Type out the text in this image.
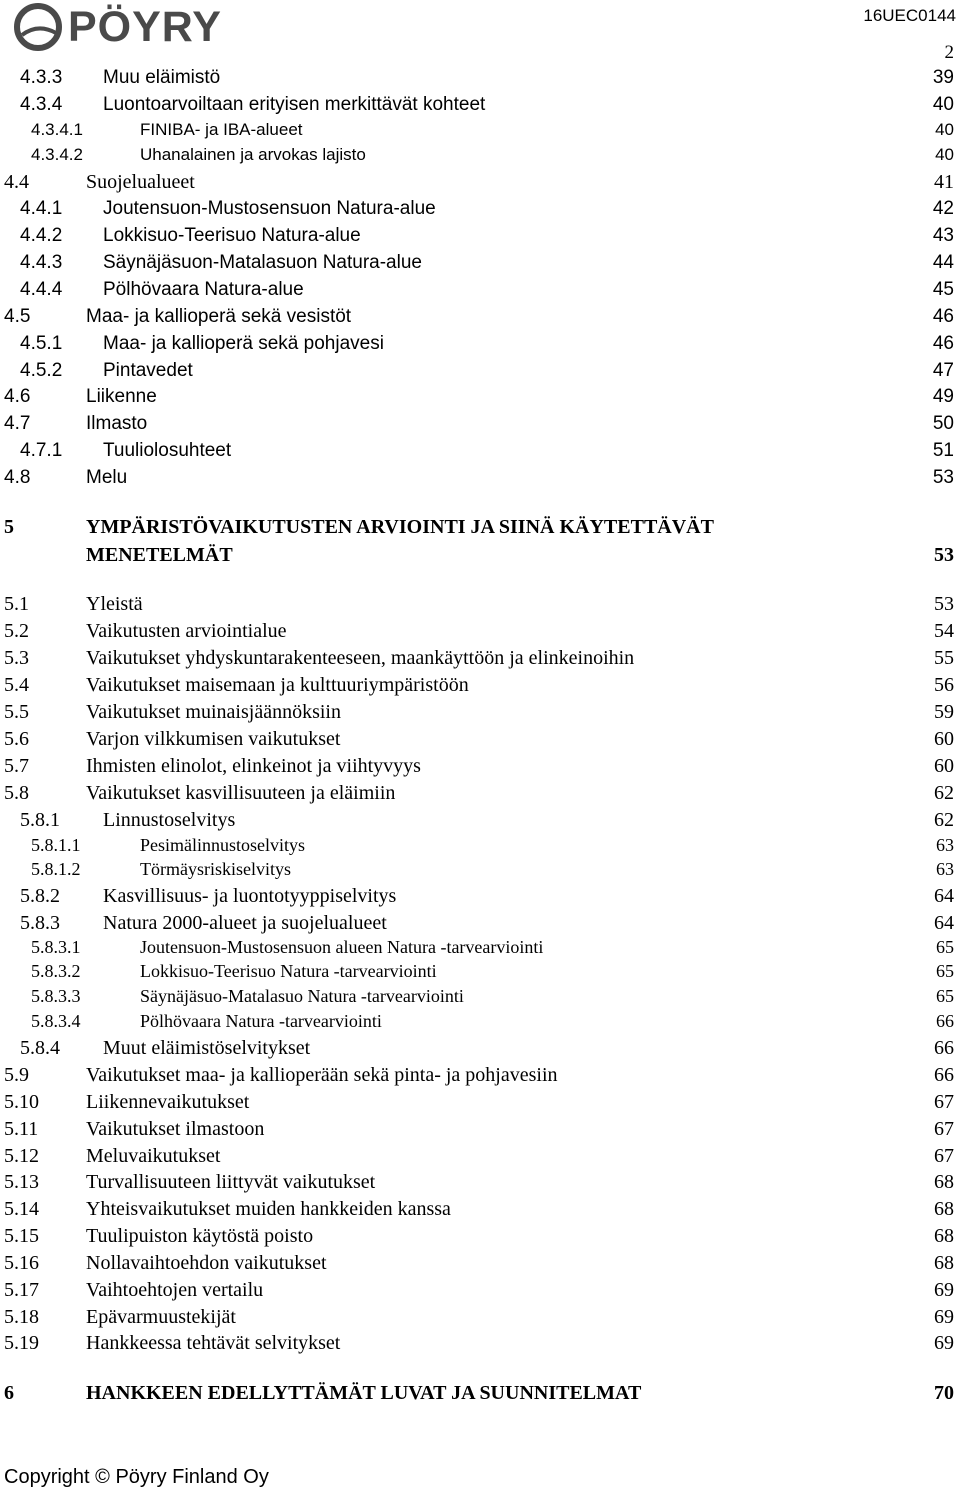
PÖYRY	16UEC0144
2
4.3.3 Muu eläimistö	39
4.3.4 Luontoarvoiltaan erityisen merkittävät kohteet	40
4.3.4.1	FINIBA- ja IBA-alueet	40
4.3.4.2	Uhanalainen ja arvokas lajisto	40
4.4	Suojelualueet	41
4.4.1 Joutensuon-Mustosensuon Natura-alue	42
4.4.2 Lokkisuo-Teerisuo Natura-alue	43
4.4.3 Säynäjäsuon-Matalasuon Natura-alue	44
4.4.4 Pölhövaara Natura-alue	45
4.5	Maa- ja kallioperä sekä vesistöt	46
4.5.1 Maa- ja kallioperä sekä pohjavesi	46
4.5.2 Pintavedet	47
4.6	Liikenne	49
4.7	Ilmasto	50
4.7.1 Tuuliolosuhteet	51
4.8	Melu	53
5	YMPÄRISTÖVAIKUTUSTEN ARVIOINTI JA SIINÄ KÄYTETTÄVÄT
MENETELMÄT	53
5.1	Yleistä	53
5.2	Vaikutusten arviointialue	54
5.3	Vaikutukset yhdyskuntarakenteeseen, maankäyttöön ja elinkeinoihin	55
5.4	Vaikutukset maisemaan ja kulttuuriympäristöön	56
5.5	Vaikutukset muinaisjäännöksiin	59
5.6	Varjon vilkkumisen vaikutukset	60
5.7	Ihmisten elinolot, elinkeinot ja viihtyvyys	60
5.8	Vaikutukset kasvillisuuteen ja eläimiin	62
5.8.1 Linnustoselvitys	62
5.8.1.1	Pesimälinnustoselvitys	63
5.8.1.2	Törmäysriskiselvitys	63
5.8.2 Kasvillisuus- ja luontotyyppiselvitys	64
5.8.3 Natura 2000-alueet ja suojelualueet	64
5.8.3.1	Joutensuon-Mustosensuon alueen Natura -tarvearviointi	65
5.8.3.2	Lokkisuo-Teerisuo Natura -tarvearviointi	65
5.8.3.3	Säynäjäsuo-Matalasuo Natura -tarvearviointi	65
5.8.3.4	Pölhövaara Natura -tarvearviointi	66
5.8.4 Muut eläimistöselvitykset	66
5.9	Vaikutukset maa- ja kallioperään sekä pinta- ja pohjavesiin	66
5.10 Liikennevaikutukset	67
5.11 Vaikutukset ilmastoon	67
5.12 Meluvaikutukset	67
5.13 Turvallisuuteen liittyvät vaikutukset	68
5.14 Yhteisvaikutukset muiden hankkeiden kanssa	68
5.15 Tuulipuiston käytöstä poisto	68
5.16 Nollavaihtoehdon vaikutukset	68
5.17 Vaihtoehtojen vertailu	69
5.18 Epävarmuustekijät	69
5.19 Hankkeessa tehtävät selvitykset	69
6	HANKKEEN EDELLYTTÄMÄT LUVAT JA SUUNNITELMAT	70
Copyright © Pöyry Finland Oy
